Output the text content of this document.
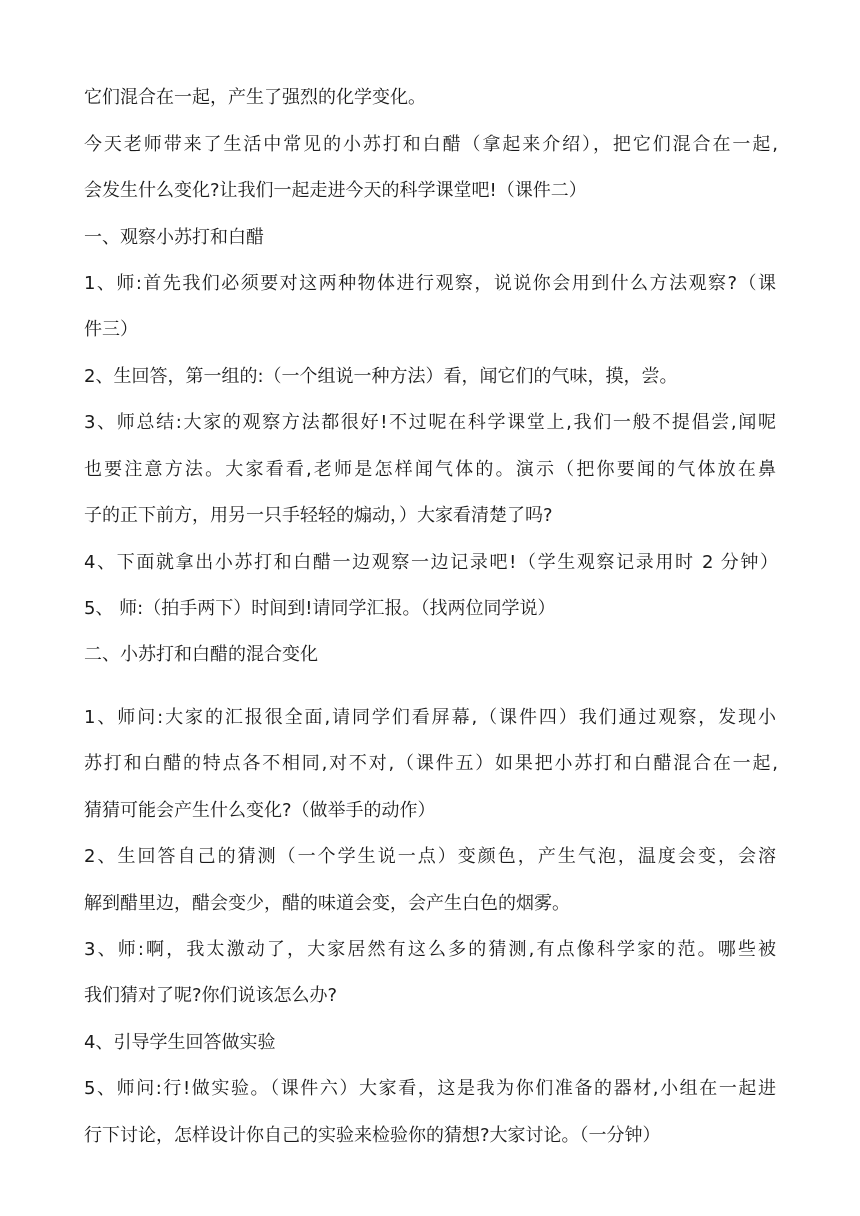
它们混合在一起，产生了强烈的化学变化。

今天老师带来了生活中常见的小苏打和白醋（拿起来介绍），把它们混合在一起,

会发生什么变化?让我们一起走进今天的科学课堂吧!（课件二）

一、观察小苏打和白醋

1、师:首先我们必须要对这两种物体进行观察，说说你会用到什么方法观察?（课

件三）

2、生回答，第一组的:（一个组说一种方法）看，闻它们的气味，摸，尝。

3、师总结:大家的观察方法都很好!不过呢在科学课堂上,我们一般不提倡尝,闻呢

也要注意方法。大家看看,老师是怎样闻气体的。演示（把你要闻的气体放在鼻

子的正下前方，用另一只手轻轻的煽动，）大家看清楚了吗?

4、下面就拿出小苏打和白醋一边观察一边记录吧!（学生观察记录用时 2 分钟）

5、 师:（拍手两下）时间到!请同学汇报。（找两位同学说）

二、小苏打和白醋的混合变化

1、师问:大家的汇报很全面,请同学们看屏幕,（课件四）我们通过观察，发现小

苏打和白醋的特点各不相同,对不对,（课件五）如果把小苏打和白醋混合在一起,

猜猜可能会产生什么变化?（做举手的动作）

2、生回答自己的猜测（一个学生说一点）变颜色，产生气泡，温度会变，会溶

解到醋里边，醋会变少，醋的味道会变，会产生白色的烟雾。

3、师:啊，我太激动了，大家居然有这么多的猜测,有点像科学家的范。哪些被

我们猜对了呢?你们说该怎么办?

4、引导学生回答做实验

5、师问:行!做实验。（课件六）大家看，这是我为你们准备的器材,小组在一起进

行下讨论，怎样设计你自己的实验来检验你的猜想?大家讨论。（一分钟）
